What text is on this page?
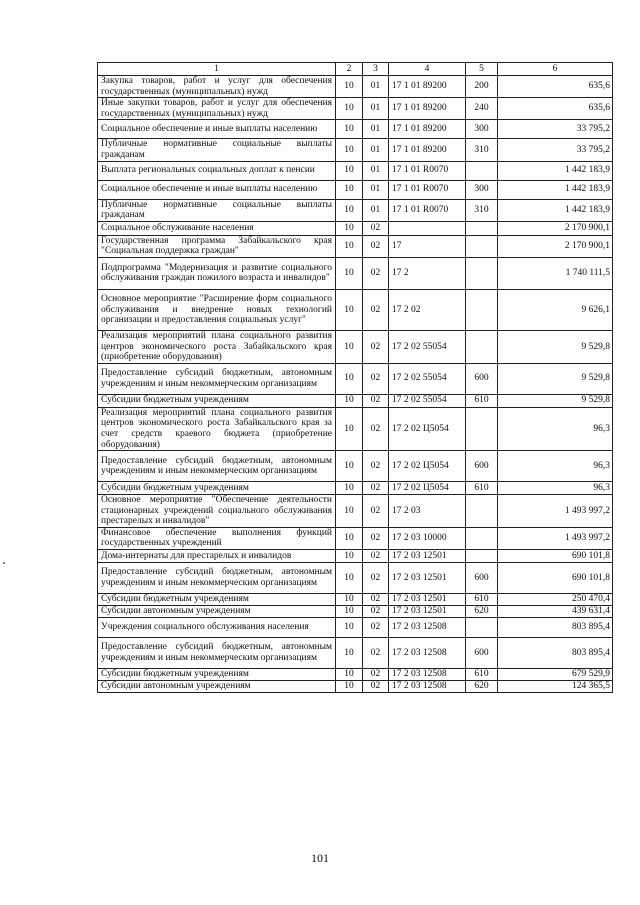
1	2	3	4	5	6
Закупка товаров, работ и услуг для обеспечения государственных (муниципальных) нужд	10	01	17 1 01 89200	200	635,6
Иные закупки товаров, работ и услуг для обеспечения государственных (муниципальных) нужд	10	01	17 1 01 89200	240	635,6
Социальное обеспечение и иные выплаты населению	10	01	17 1 01 89200	300	33 795,2
Публичные нормативные социальные выплаты гражданам	10	01	17 1 01 89200	310	33 795,2
Выплата региональных социальных доплат к пенсии	10	01	17 1 01 R0070		1 442 183,9
Социальное обеспечение и иные выплаты населению	10	01	17 1 01 R0070	300	1 442 183,9
Публичные нормативные социальные выплаты гражданам	10	01	17 1 01 R0070	310	1 442 183,9
Социальное обслуживание населения	10	02			2 170 900,1
Государственная программа Забайкальского края "Социальная поддержка граждан"	10	02	17		2 170 900,1
Подпрограмма "Модернизация и развитие социального обслуживания граждан пожилого возраста и инвалидов"	10	02	17 2		1 740 111,5
Основное мероприятие "Расширение форм социального обслуживания и внедрение новых технологий организации и предоставления социальных услуг"	10	02	17 2 02		9 626,1
Реализация мероприятий плана социального развития центров экономического роста Забайкальского края (приобретение оборудования)	10	02	17 2 02 55054		9 529,8
Предоставление субсидий бюджетным, автономным учреждениям и иным некоммерческим организациям	10	02	17 2 02 55054	600	9 529,8
Субсидии бюджетным учреждениям	10	02	17 2 02 55054	610	9 529,8
Реализация мероприятий плана социального развития центров экономического роста Забайкальского края за счет средств краевого бюджета (приобретение оборудования)	10	02	17 2 02 Ц5054		96,3
Предоставление субсидий бюджетным, автономным учреждениям и иным некоммерческим организациям	10	02	17 2 02 Ц5054	600	96,3
Субсидии бюджетным учреждениям	10	02	17 2 02 Ц5054	610	96,3
Основное мероприятие "Обеспечение деятельности стационарных учреждений социального обслуживания престарелых и инвалидов"	10	02	17 2 03		1 493 997,2
Финансовое обеспечение выполнения функций государственных учреждений	10	02	17 2 03 10000		1 493 997,2
Дома-интернаты для престарелых и инвалидов	10	02	17 2 03 12501		690 101,8
Предоставление субсидий бюджетным, автономным учреждениям и иным некоммерческим организациям	10	02	17 2 03 12501	600	690 101,8
Субсидии бюджетным учреждениям	10	02	17 2 03 12501	610	250 470,4
Субсидии автономным учреждениям	10	02	17 2 03 12501	620	439 631,4
Учреждения социального обслуживания населения	10	02	17 2 03 12508		803 895,4
Предоставление субсидий бюджетным, автономным учреждениям и иным некоммерческим организациям	10	02	17 2 03 12508	600	803 895,4
Субсидии бюджетным учреждениям	10	02	17 2 03 12508	610	679 529,9
Субсидии автономным учреждениям	10	02	17 2 03 12508	620	124 365,5
101
